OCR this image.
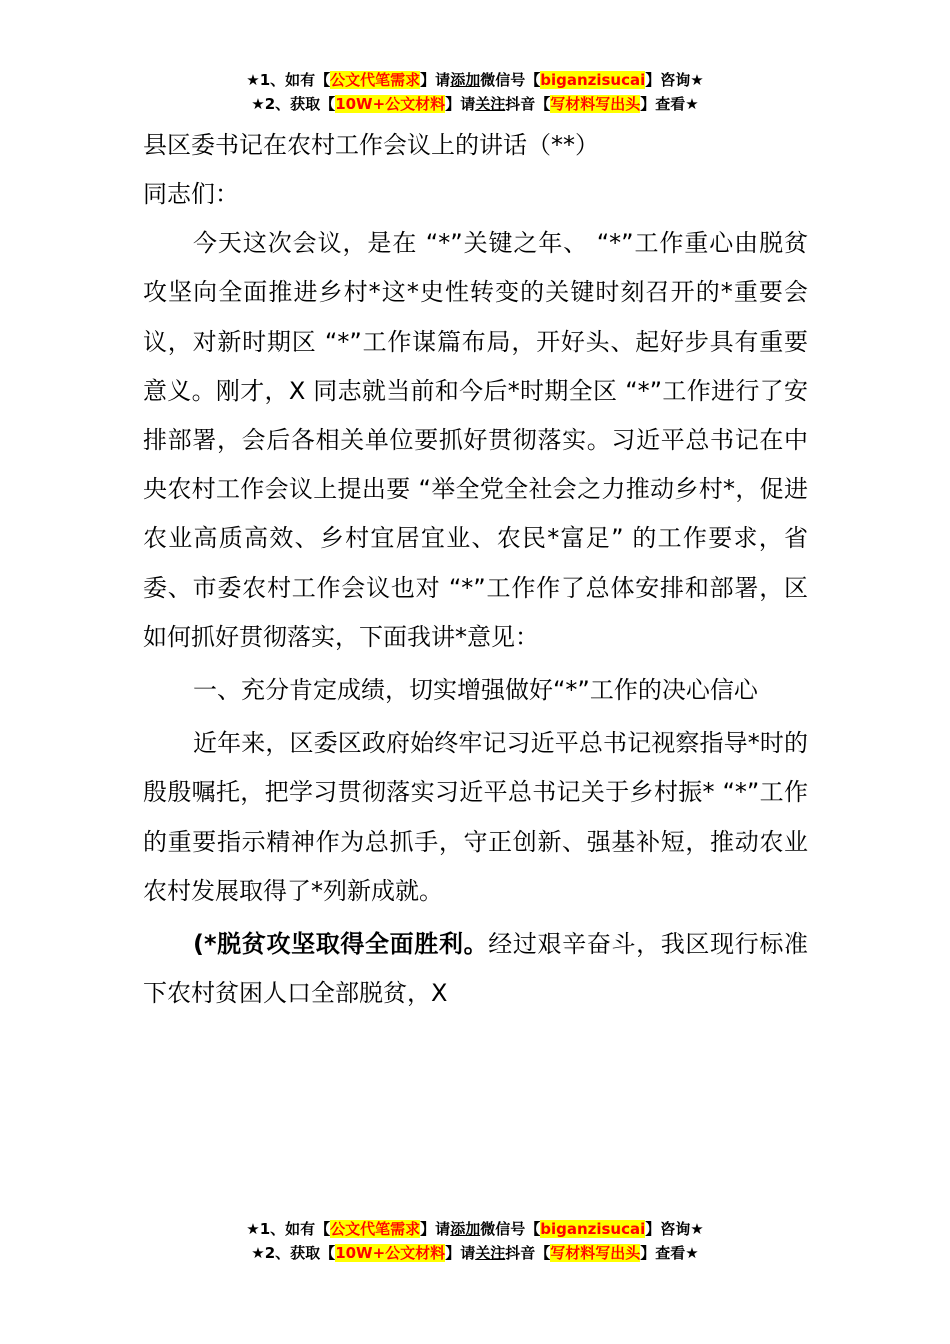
★1、如有【公文代笔需求】请添加微信号【biganzisucai】咨询★
★2、获取【10W+公文材料】请关注抖音【写材料写出头】查看★

县区委书记在农村工作会议上的讲话（**）

同志们：

今天这次会议，是在 “*”关键之年、 “*”工作重心由脱贫攻坚向全面推进乡村*这*史性转变的关键时刻召开的*重要会议，对新时期区 “*”工作谋篇布局，开好头、起好步具有重要意义。刚才，X 同志就当前和今后*时期全区 “*”工作进行了安排部署，会后各相关单位要抓好贯彻落实。习近平总书记在中央农村工作会议上提出要 “举全党全社会之力推动乡村*，促进农业高质高效、乡村宜居宜业、农民*富足” 的工作要求，省委、市委农村工作会议也对 “*”工作作了总体安排和部署，区如何抓好贯彻落实，下面我讲*意见：

一、充分肯定成绩，切实增强做好“*”工作的决心信心

近年来，区委区政府始终牢记习近平总书记视察指导*时的殷殷嘱托，把学习贯彻落实习近平总书记关于乡村振* “*”工作的重要指示精神作为总抓手，守正创新、强基补短，推动农业农村发展取得了*列新成就。

(*脱贫攻坚取得全面胜利。经过艰辛奋斗，我区现行标准下农村贫困人口全部脱贫，X

★1、如有【公文代笔需求】请添加微信号【biganzisucai】咨询★
★2、获取【10W+公文材料】请关注抖音【写材料写出头】查看★
